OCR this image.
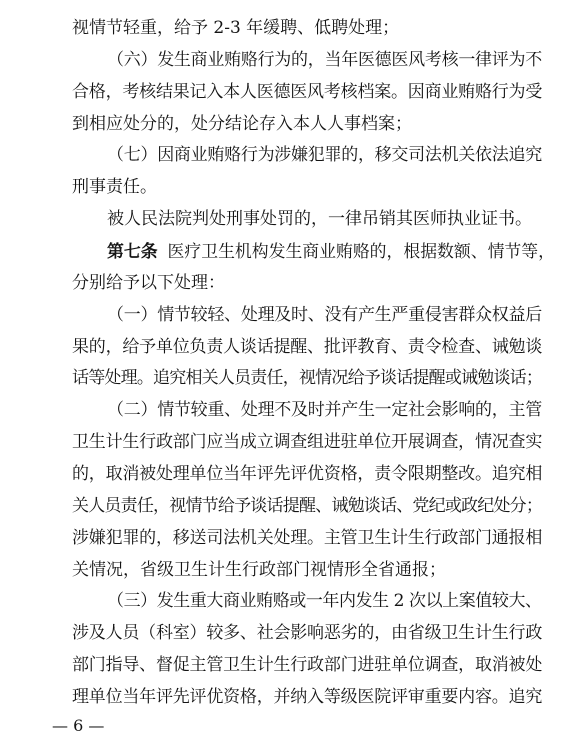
视情节轻重，给予 2-3 年缓聘、低聘处理；
（六）发生商业贿赂行为的，当年医德医风考核一律评为不
合格，考核结果记入本人医德医风考核档案。因商业贿赂行为受
到相应处分的，处分结论存入本人人事档案；
（七）因商业贿赂行为涉嫌犯罪的，移交司法机关依法追究
刑事责任。
被人民法院判处刑事处罚的，一律吊销其医师执业证书。
第七条 医疗卫生机构发生商业贿赂的，根据数额、情节等，
分别给予以下处理：
（一）情节较轻、处理及时、没有产生严重侵害群众权益后
果的，给予单位负责人谈话提醒、批评教育、责令检查、诫勉谈
话等处理。追究相关人员责任，视情况给予谈话提醒或诫勉谈话；
（二）情节较重、处理不及时并产生一定社会影响的，主管
卫生计生行政部门应当成立调查组进驻单位开展调查，情况查实
的，取消被处理单位当年评先评优资格，责令限期整改。追究相
关人员责任，视情节给予谈话提醒、诫勉谈话、党纪或政纪处分；
涉嫌犯罪的，移送司法机关处理。主管卫生计生行政部门通报相
关情况，省级卫生计生行政部门视情形全省通报；
（三）发生重大商业贿赂或一年内发生 2 次以上案值较大、
涉及人员（科室）较多、社会影响恶劣的，由省级卫生计生行政
部门指导、督促主管卫生计生行政部门进驻单位调查，取消被处
理单位当年评先评优资格，并纳入等级医院评审重要内容。追究
— 6 —
